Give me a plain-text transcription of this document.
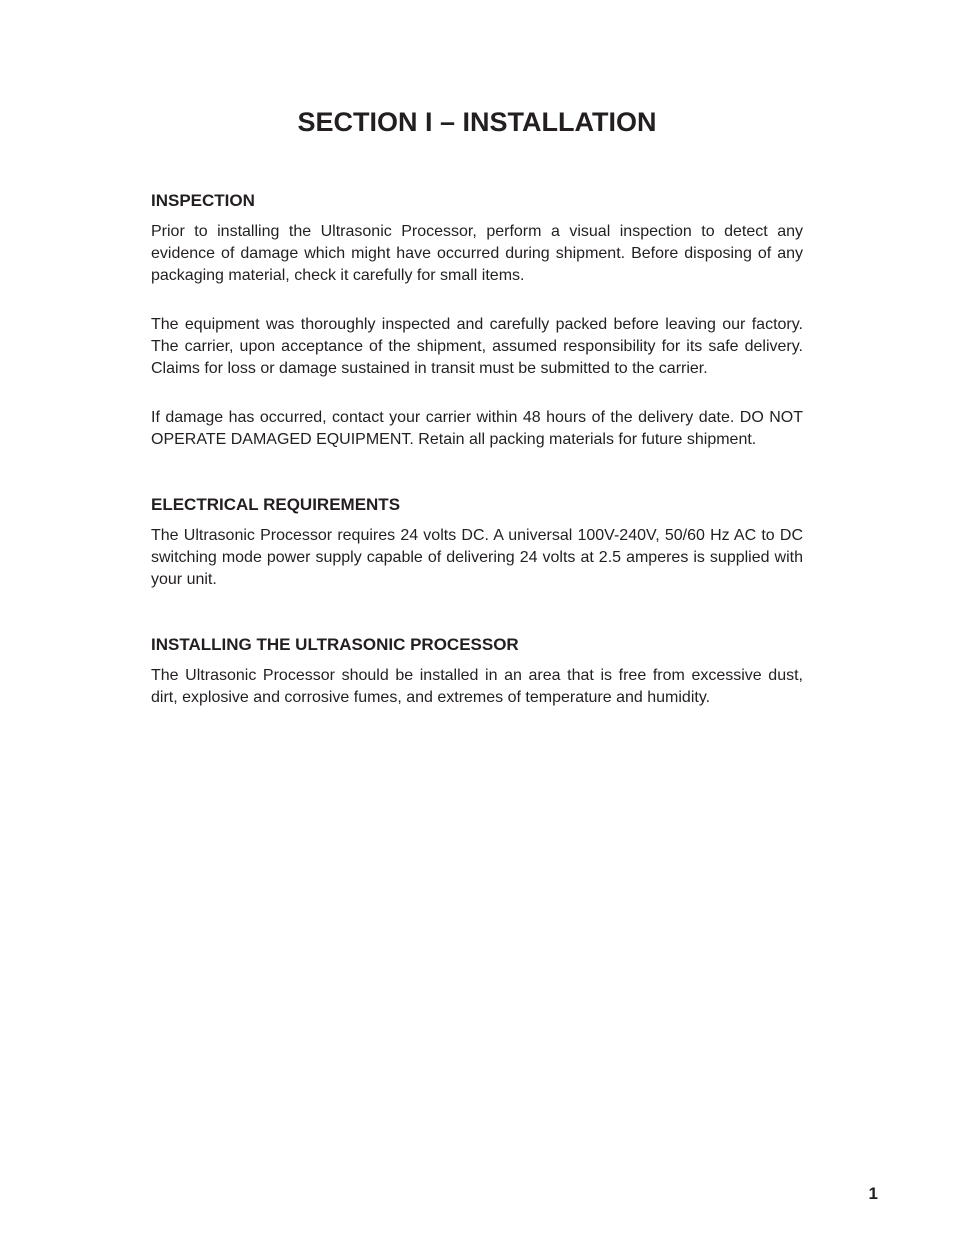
SECTION I – INSTALLATION
INSPECTION

Prior to installing the Ultrasonic Processor, perform a visual inspection to detect any evidence of damage which might have occurred during shipment. Before disposing of any packaging material, check it carefully for small items.

The equipment was thoroughly inspected and carefully packed before leaving our factory. The carrier, upon acceptance of the shipment, assumed responsibility for its safe delivery. Claims for loss or damage sustained in transit must be submitted to the carrier.

If damage has occurred, contact your carrier within 48 hours of the delivery date. DO NOT OPERATE DAMAGED EQUIPMENT. Retain all packing materials for future shipment.

ELECTRICAL REQUIREMENTS

The Ultrasonic Processor requires 24 volts DC. A universal 100V-240V, 50/60 Hz AC to DC switching mode power supply capable of delivering 24 volts at 2.5 amperes is supplied with your unit.

INSTALLING THE ULTRASONIC PROCESSOR

The Ultrasonic Processor should be installed in an area that is free from excessive dust, dirt, explosive and corrosive fumes, and extremes of temperature and humidity.

1
